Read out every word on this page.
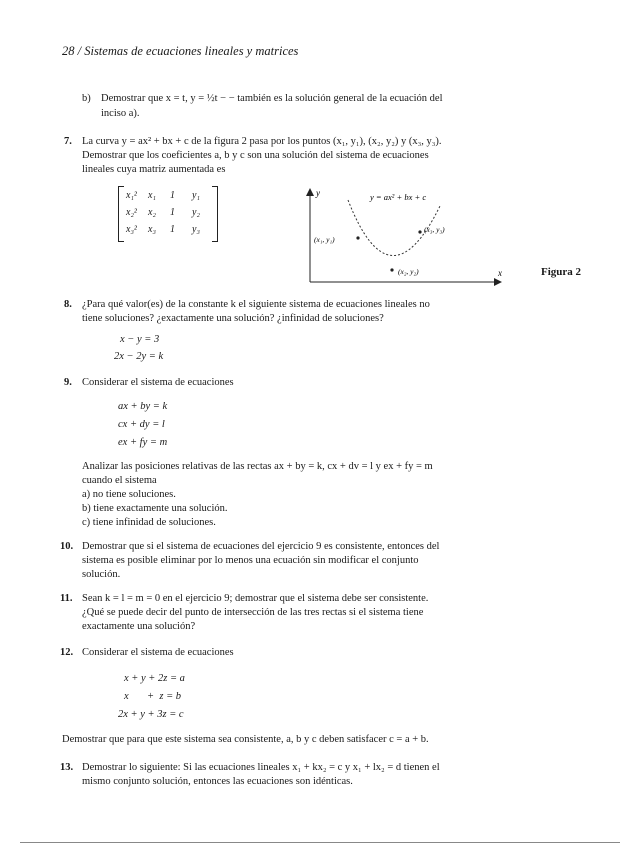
28 / Sistemas de ecuaciones lineales y matrices
b) Demostrar que x = t, y = ½t − − también es la solución general de la ecuación del
inciso a).
7. La curva y = ax² + bx + c de la figura 2 pasa por los puntos (x₁, y₁), (x₂, y₂) y (x₃, y₃).
Demostrar que los coeficientes a, b y c son una solución del sistema de ecuaciones
lineales cuya matriz aumentada es
x₁² x₁ 1 y₁
x₂² x₂ 1 y₂
x₃² x₃ 1 y₃
y
x
y = ax² + bx + c
(x₁, y₁)
(x₂, y₂)
(x₃, y₃)
Figura 2
8. ¿Para qué valor(es) de la constante k el siguiente sistema de ecuaciones lineales no
tiene soluciones? ¿exactamente una solución? ¿infinidad de soluciones?
x − y = 3
2x − 2y = k
9. Considerar el sistema de ecuaciones
ax + by = k
cx + dy = l
ex + fy = m
Analizar las posiciones relativas de las rectas ax + by = k, cx + dv = l y ex + fy = m
cuando el sistema
a) no tiene soluciones.
b) tiene exactamente una solución.
c) tiene infinidad de soluciones.
10. Demostrar que si el sistema de ecuaciones del ejercicio 9 es consistente, entonces del
sistema es posible eliminar por lo menos una ecuación sin modificar el conjunto
solución.
11. Sean k = l = m = 0 en el ejercicio 9; demostrar que el sistema debe ser consistente.
¿Qué se puede decir del punto de intersección de las tres rectas si el sistema tiene
exactamente una solución?
12. Considerar el sistema de ecuaciones
x + y + 2z = a
x       +  z = b
2x + y + 3z = c
Demostrar que para que este sistema sea consistente, a, b y c deben satisfacer c = a + b.
13. Demostrar lo siguiente: Si las ecuaciones lineales x₁ + kx₂ = c y x₁ + lx₂ = d tienen el
mismo conjunto solución, entonces las ecuaciones son idénticas.
